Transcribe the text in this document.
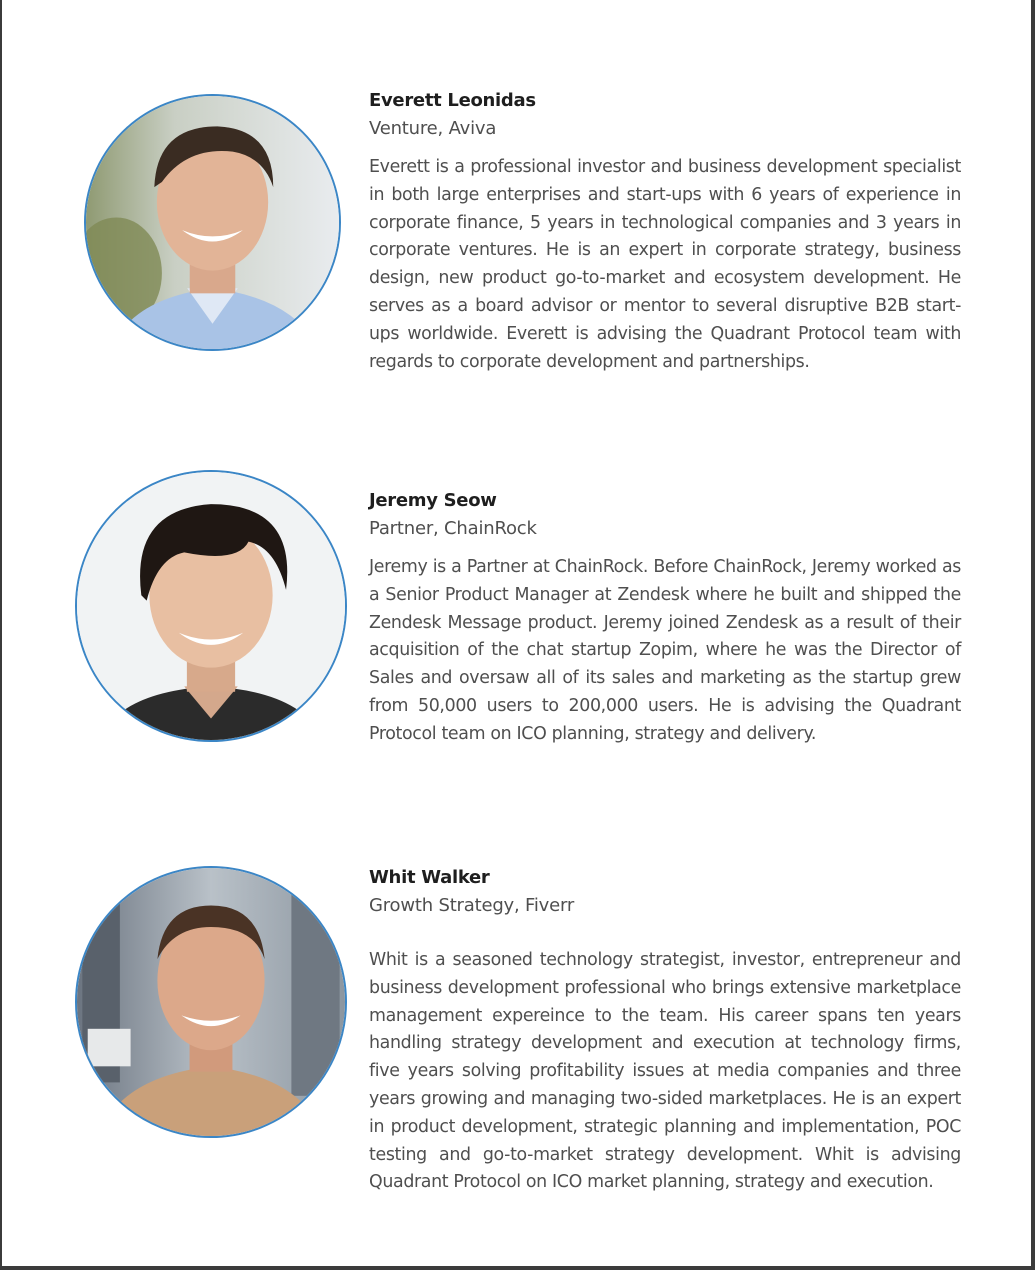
Everett Leonidas

Venture, Aviva

Everett is a professional investor and business development specialist in both large enterprises and start-ups with 6 years of experience in corporate finance, 5 years in technological companies and 3 years in corporate ventures. He is an expert in corporate strategy, business design, new product go-to-market and ecosystem development. He serves as a board advisor or mentor to several disruptive B2B start-ups worldwide. Everett is advising the Quadrant Protocol team with regards to corporate development and partnerships.

Jeremy Seow

Partner, ChainRock

Jeremy is a Partner at ChainRock. Before ChainRock, Jeremy worked as a Senior Product Manager at Zendesk where he built and shipped the Zendesk Message product. Jeremy joined Zendesk as a result of their acquisition of the chat startup Zopim, where he was the Director of Sales and oversaw all of its sales and marketing as the startup grew from 50,000 users to 200,000 users. He is advising the Quadrant Protocol team on ICO planning, strategy and delivery.

Whit Walker

Growth Strategy, Fiverr

Whit is a seasoned technology strategist, investor, entrepreneur and business development professional who brings extensive marketplace management expereince to the team. His career spans ten years handling strategy development and execution at technology firms, five years solving profitability issues at media companies and three years growing and managing two-sided marketplaces. He is an expert in product development, strategic planning and implementation, POC testing and go-to-market strategy development. Whit is advising Quadrant Protocol on ICO market planning, strategy and execution.
